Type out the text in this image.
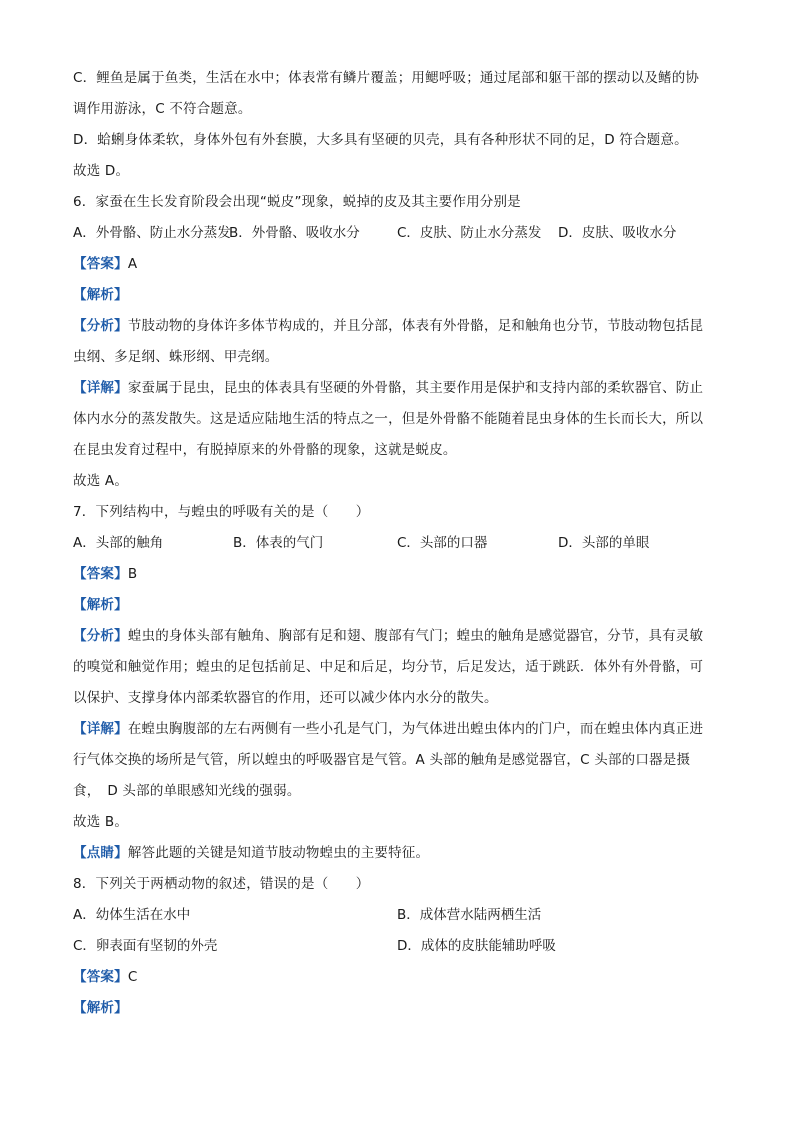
C．鲤鱼是属于鱼类，生活在水中；体表常有鳞片覆盖；用鳃呼吸；通过尾部和躯干部的摆动以及鳍的协
调作用游泳，C 不符合题意。
D．蛤蜊身体柔软，身体外包有外套膜，大多具有坚硬的贝壳，具有各种形状不同的足，D 符合题意。
故选 D。
6．家蚕在生长发育阶段会出现“蜕皮”现象，蜕掉的皮及其主要作用分别是
A．外骨骼、防止水分蒸发
B．外骨骼、吸收水分	C．皮肤、防止水分蒸发 D．皮肤、吸收水分
【答案】A
【解析】
【分析】节肢动物的身体许多体节构成的，并且分部，体表有外骨骼，足和触角也分节，节肢动物包括昆
虫纲、多足纲、蛛形纲、甲壳纲。
【详解】家蚕属于昆虫，昆虫的体表具有坚硬的外骨骼，其主要作用是保护和支持内部的柔软器官、防止
体内水分的蒸发散失。这是适应陆地生活的特点之一，但是外骨骼不能随着昆虫身体的生长而长大，所以
在昆虫发育过程中，有脱掉原来的外骨骼的现象，这就是蜕皮。
故选 A。
7．下列结构中，与蝗虫的呼吸有关的是（　　）
A．头部的触角	B．体表的气门	C．头部的口器	D．头部的单眼
【答案】B
【解析】
【分析】蝗虫的身体头部有触角、胸部有足和翅、腹部有气门；蝗虫的触角是感觉器官，分节，具有灵敏
的嗅觉和触觉作用；蝗虫的足包括前足、中足和后足，均分节，后足发达，适于跳跃．体外有外骨骼，可
以保护、支撑身体内部柔软器官的作用，还可以减少体内水分的散失。
【详解】在蝗虫胸腹部的左右两侧有一些小孔是气门，为气体进出蝗虫体内的门户，而在蝗虫体内真正进
行气体交换的场所是气管，所以蝗虫的呼吸器官是气管。A 头部的触角是感觉器官，C 头部的口器是摄
食，　D 头部的单眼感知光线的强弱。
故选 B。
【点睛】解答此题的关键是知道节肢动物蝗虫的主要特征。
8．下列关于两栖动物的叙述，错误的是（　　）
A．幼体生活在水中	B．成体营水陆两栖生活
C．卵表面有坚韧的外壳	D．成体的皮肤能辅助呼吸
【答案】C
【解析】
